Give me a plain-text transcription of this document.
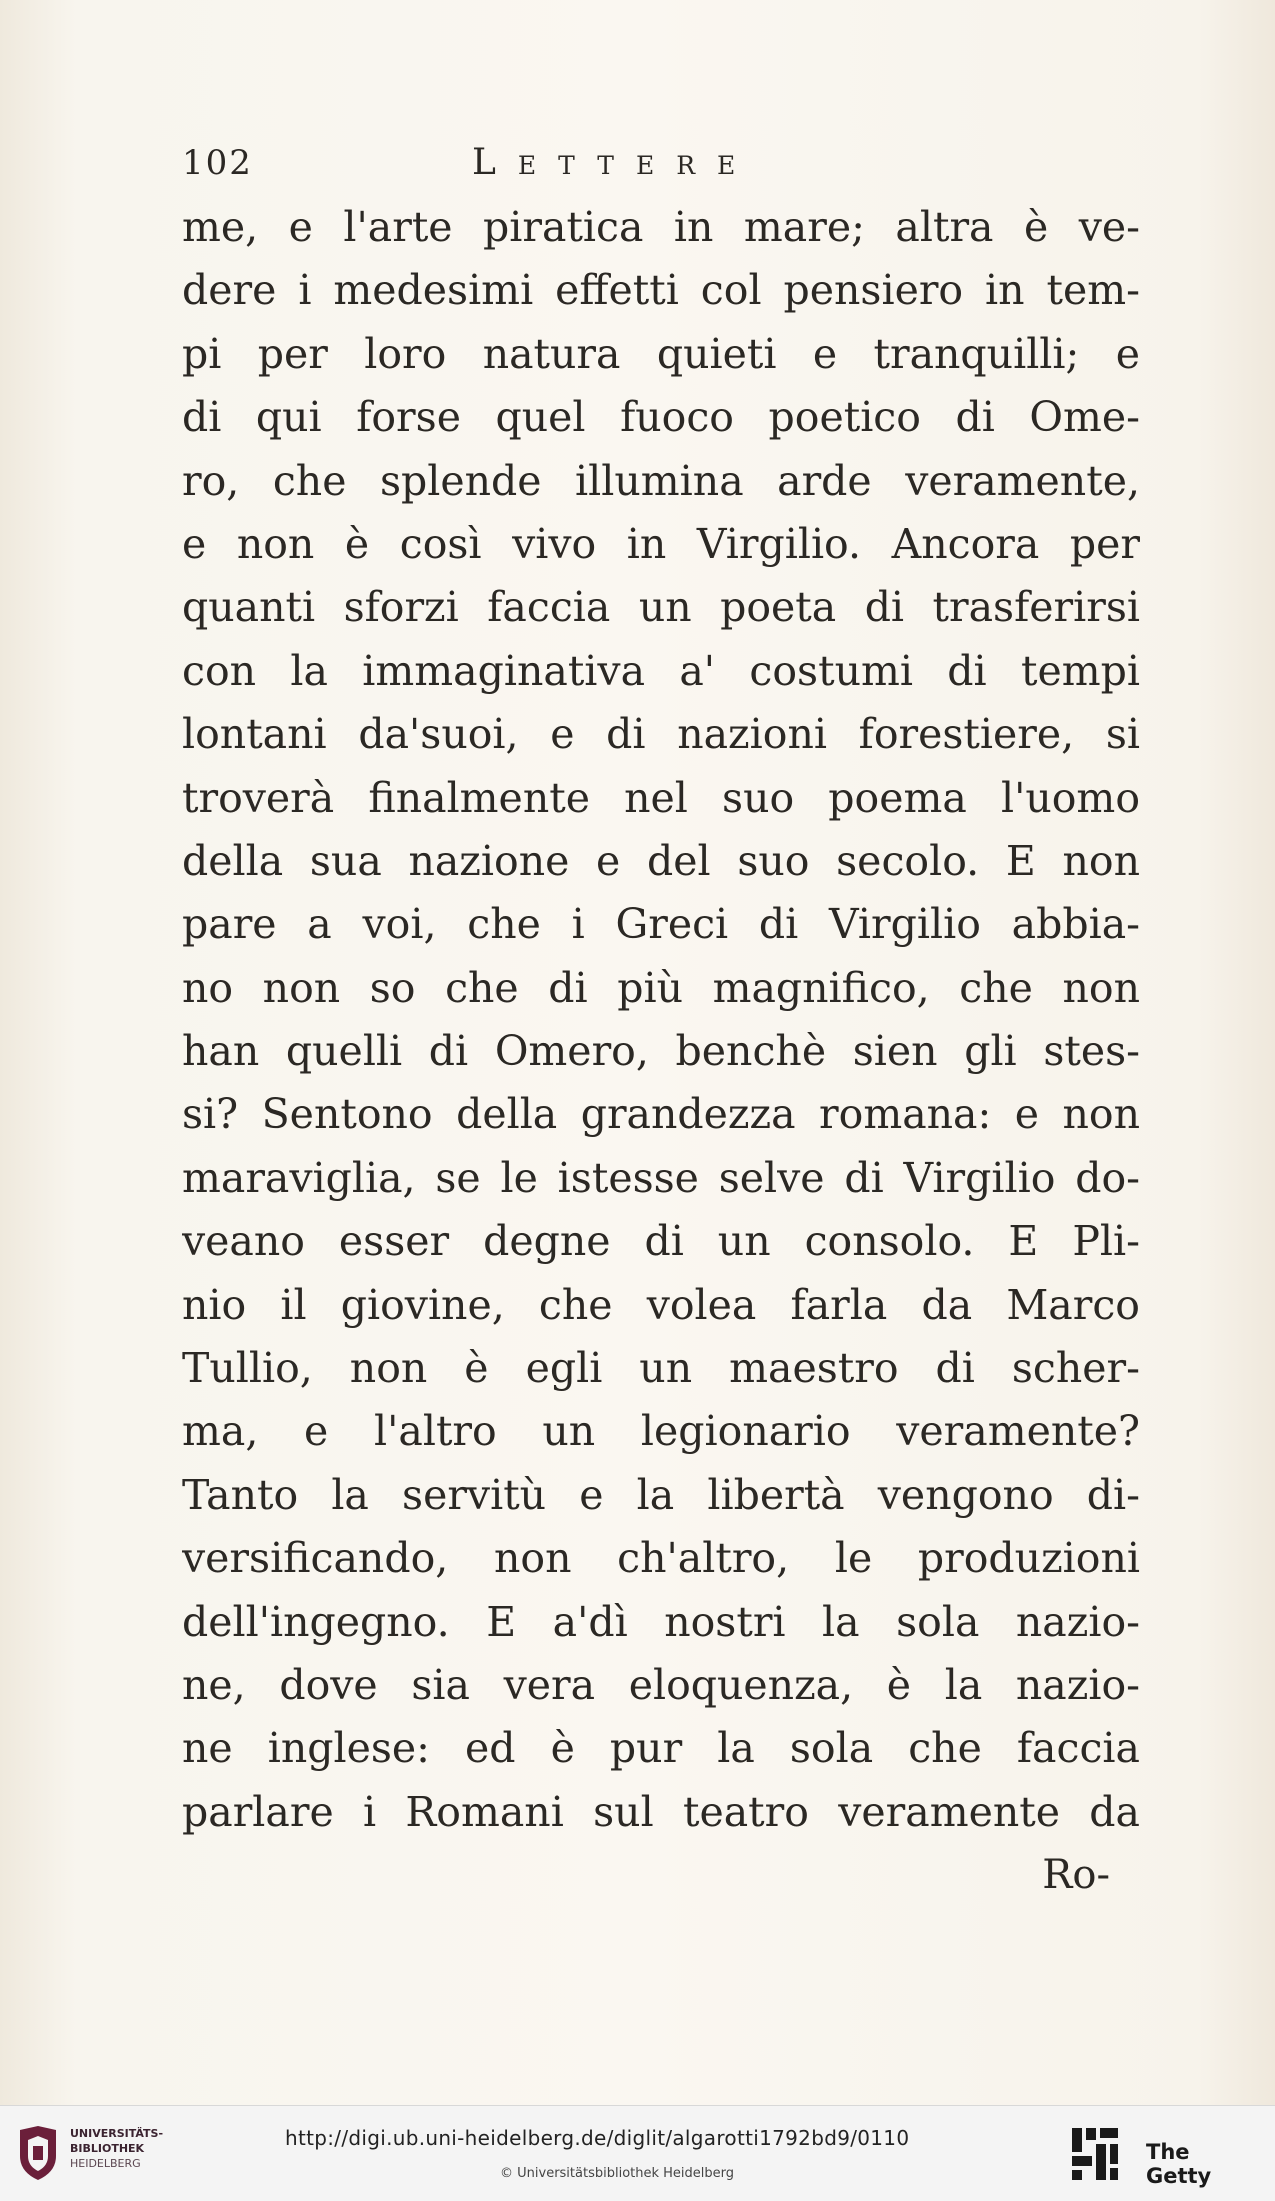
102	Lettere
me, e l'arte piratica in mare; altra è ve-
dere i medesimi effetti col pensiero in tem-
pi per loro natura quieti e tranquilli; e
di qui forse quel fuoco poetico di Ome-
ro, che splende illumina arde veramente,
e non è così vivo in Virgilio. Ancora per
quanti sforzi faccia un poeta di trasferirsi
con la immaginativa a' costumi di tempi
lontani da'suoi, e di nazioni forestiere, si
troverà finalmente nel suo poema l'uomo
della sua nazione e del suo secolo. E non
pare a voi, che i Greci di Virgilio abbia-
no non so che di più magnifico, che non
han quelli di Omero, benchè sien gli stes-
si? Sentono della grandezza romana: e non
maraviglia, se le istesse selve di Virgilio do-
veano esser degne di un consolo. E Pli-
nio il giovine, che volea farla da Marco
Tullio, non è egli un maestro di scher-
ma, e l'altro un legionario veramente?
Tanto la servitù e la libertà vengono di-
versificando, non ch'altro, le produzioni
dell'ingegno. E a'dì nostri la sola nazio-
ne, dove sia vera eloquenza, è la nazio-
ne inglese: ed è pur la sola che faccia
parlare i Romani sul teatro veramente da
Ro-
UNIVERSITÄTS-
BIBLIOTHEK
HEIDELBERG
http://digi.ub.uni-heidelberg.de/diglit/algarotti1792bd9/0110
© Universitätsbibliothek Heidelberg
The Getty
